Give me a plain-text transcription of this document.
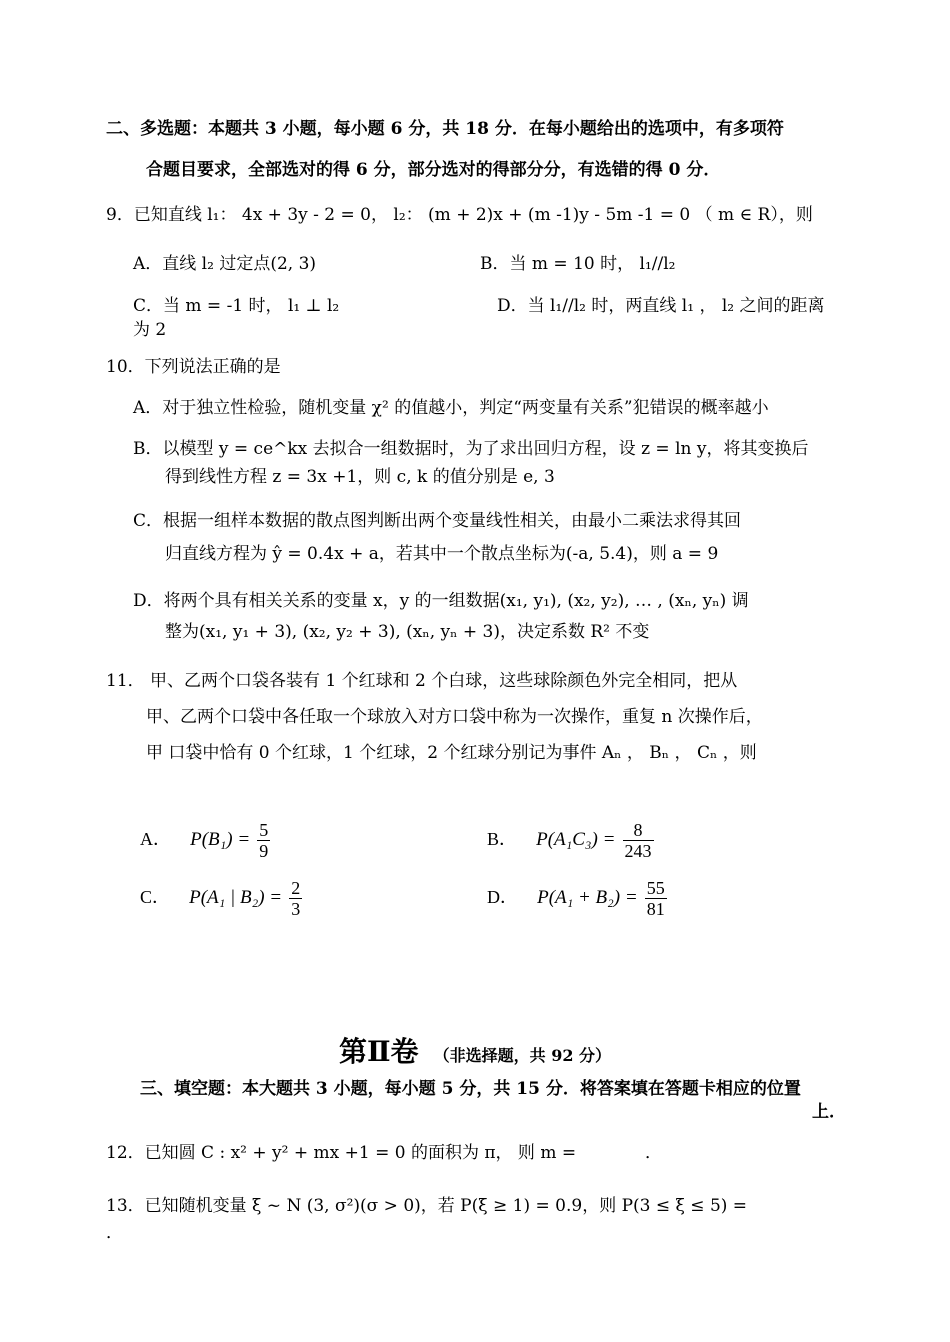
二、多选题：本题共 3 小题，每小题 6 分，共 18 分．在每小题给出的选项中，有多项符
合题目要求，全部选对的得 6 分，部分选对的得部分分，有选错的得 0 分．
9．已知直线 l₁： 4x + 3y - 2 = 0， l₂： (m + 2)x + (m -1)y - 5m -1 = 0 （ m ∈ R），则
A．直线 l₂ 过定点(2, 3)	B．当 m = 10 时， l₁//l₂
C．当 m = -1 时， l₁ ⊥ l₂	D．当 l₁//l₂ 时，两直线 l₁ ， l₂ 之间的距离
为 2
10．下列说法正确的是
A．对于独立性检验，随机变量 χ² 的值越小，判定“两变量有关系”犯错误的概率越小
B．以模型 y = ce^kx 去拟合一组数据时，为了求出回归方程，设 z = ln y，将其变换后
得到线性方程 z = 3x +1，则 c, k 的值分别是 e, 3
C．根据一组样本数据的散点图判断出两个变量线性相关，由最小二乘法求得其回
归直线方程为 ŷ = 0.4x + a，若其中一个散点坐标为(-a, 5.4)，则 a = 9
D．将两个具有相关关系的变量 x，y 的一组数据(x₁, y₁), (x₂, y₂), … , (xₙ, yₙ) 调
整为(x₁, y₁ + 3), (x₂, y₂ + 3), (xₙ, yₙ + 3)，决定系数 R² 不变
11． 甲、乙两个口袋各装有 1 个红球和 2 个白球，这些球除颜色外完全相同，把从
甲、乙两个口袋中各任取一个球放入对方口袋中称为一次操作，重复 n 次操作后，
甲 口袋中恰有 0 个红球，1 个红球，2 个红球分别记为事件 Aₙ ， Bₙ ， Cₙ ，则
A． $P(B_1) = \frac{5}{9}$	B． $P(A_1C_3) = \frac{8}{243}$
C． P(A₁ | $B_2) = \frac{2}{3}$	D． $P(A_1 + B_2) = \frac{55}{81}$
第Ⅱ卷 （非选择题，共 92 分）
三、填空题：本大题共 3 小题，每小题 5 分，共 15 分．将答案填在答题卡相应的位置
上．
12．已知圆 C : x² + y² + mx +1 = 0 的面积为 π， 则 m =	．
13．已知随机变量 ξ ~ N (3, σ²)(σ > 0)，若 P(ξ ≥ 1) = 0.9，则 P(3 ≤ ξ ≤ 5) =
．
